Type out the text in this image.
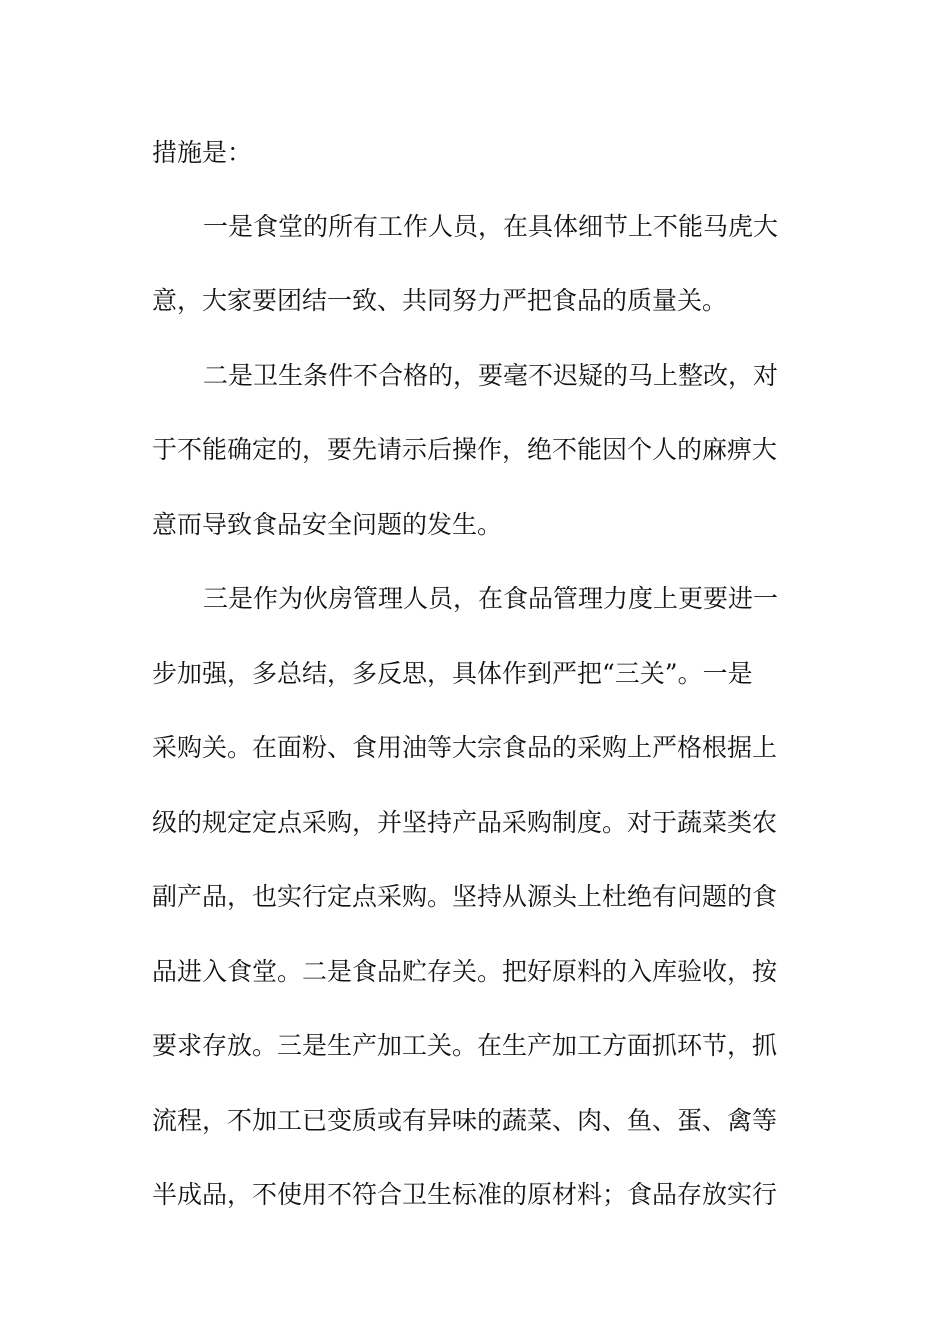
措施是：
一是食堂的所有工作人员，在具体细节上不能马虎大
意，大家要团结一致、共同努力严把食品的质量关。
二是卫生条件不合格的，要毫不迟疑的马上整改，对
于不能确定的，要先请示后操作，绝不能因个人的麻痹大
意而导致食品安全问题的发生。
三是作为伙房管理人员，在食品管理力度上更要进一
步加强，多总结，多反思，具体作到严把“三关”。一是
采购关。在面粉、食用油等大宗食品的采购上严格根据上
级的规定定点采购，并坚持产品采购制度。对于蔬菜类农
副产品，也实行定点采购。坚持从源头上杜绝有问题的食
品进入食堂。二是食品贮存关。把好原料的入库验收，按
要求存放。三是生产加工关。在生产加工方面抓环节，抓
流程，不加工已变质或有异味的蔬菜、肉、鱼、蛋、禽等
半成品，不使用不符合卫生标准的原材料；食品存放实行
